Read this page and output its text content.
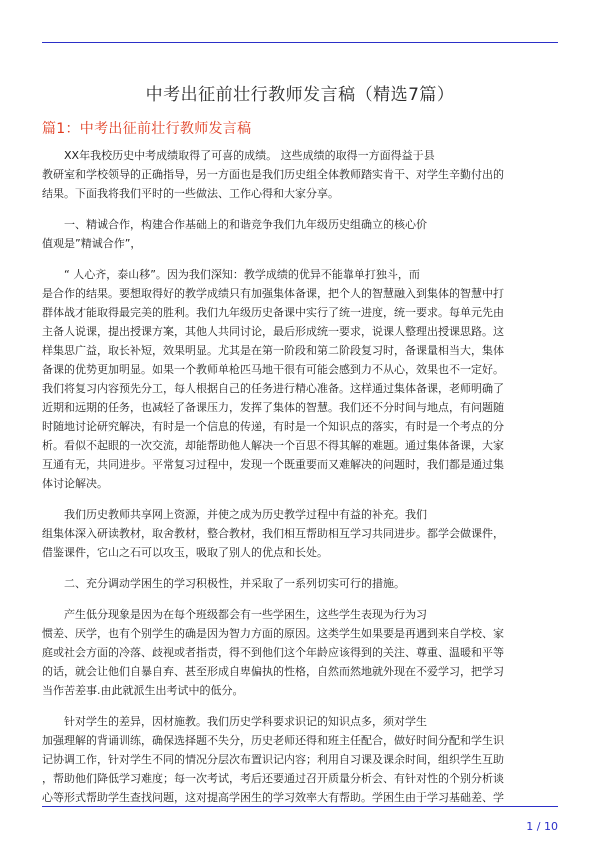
中考出征前壮行教师发言稿（精选7篇）
篇1：中考出征前壮行教师发言稿

XX年我校历史中考成绩取得了可喜的成绩。 这些成绩的取得一方面得益于县
教研室和学校领导的正确指导，另一方面也是我们历史组全体教师踏实肯干、对学生辛勤付出的
结果。下面我将我们平时的一些做法、工作心得和大家分享。

一、精诚合作，构建合作基础上的和谐竞争我们九年级历史组确立的核心价
值观是”精诚合作”，

“ 人心齐，泰山移”。因为我们深知：教学成绩的优异不能靠单打独斗，而
是合作的结果。要想取得好的教学成绩只有加强集体备课，把个人的智慧融入到集体的智慧中打
群体战才能取得最完美的胜利。我们九年级历史备课中实行了统一进度，统一要求。每单元先由
主备人说课，提出授课方案，其他人共同讨论，最后形成统一要求，说课人整理出授课思路。这
样集思广益，取长补短，效果明显。尤其是在第一阶段和第二阶段复习时，备课量相当大，集体
备课的优势更加明显。如果一个教师单枪匹马地干很有可能会感到力不从心，效果也不一定好。
我们将复习内容预先分工，每人根据自己的任务进行精心准备。这样通过集体备课，老师明确了
近期和远期的任务，也减轻了备课压力，发挥了集体的智慧。我们还不分时间与地点，有问题随
时随地讨论研究解决，有时是一个信息的传递，有时是一个知识点的落实，有时是一个考点的分
析。看似不起眼的一次交流，却能帮助他人解决一个百思不得其解的难题。通过集体备课，大家
互通有无，共同进步。平常复习过程中，发现一个既重要而又难解决的问题时，我们都是通过集
体讨论解决。

我们历史教师共享网上资源，并使之成为历史教学过程中有益的补充。我们
组集体深入研读教材，取舍教材，整合教材，我们相互帮助相互学习共同进步。都学会做课件，
借鉴课件，它山之石可以攻玉，吸取了别人的优点和长处。

二、充分调动学困生的学习积极性，并采取了一系列切实可行的措施。

产生低分现象是因为在每个班级都会有一些学困生，这些学生表现为行为习
惯差、厌学，也有个别学生的确是因为智力方面的原因。这类学生如果要是再遇到来自学校、家
庭或社会方面的冷落、歧视或者指责，得不到他们这个年龄应该得到的关注、尊重、温暖和平等
的话，就会让他们自暴自弃、甚至形成自卑偏执的性格，自然而然地就外现在不爱学习，把学习
当作苦差事.由此就派生出考试中的低分。

针对学生的差异，因材施教。我们历史学科要求识记的知识点多，须对学生
加强理解的背诵训练，确保选择题不失分，历史老师还得和班主任配合，做好时间分配和学生识
记协调工作，针对学生不同的情况分层次布置识记内容；利用自习课及课余时间，组织学生互助
，帮助他们降低学习难度；每一次考试，考后还要通过召开质量分析会、有针对性的个别分析谈
心等形式帮助学生查找问题，这对提高学困生的学习效率大有帮助。学困生由于学习基础差、学

1 / 10
